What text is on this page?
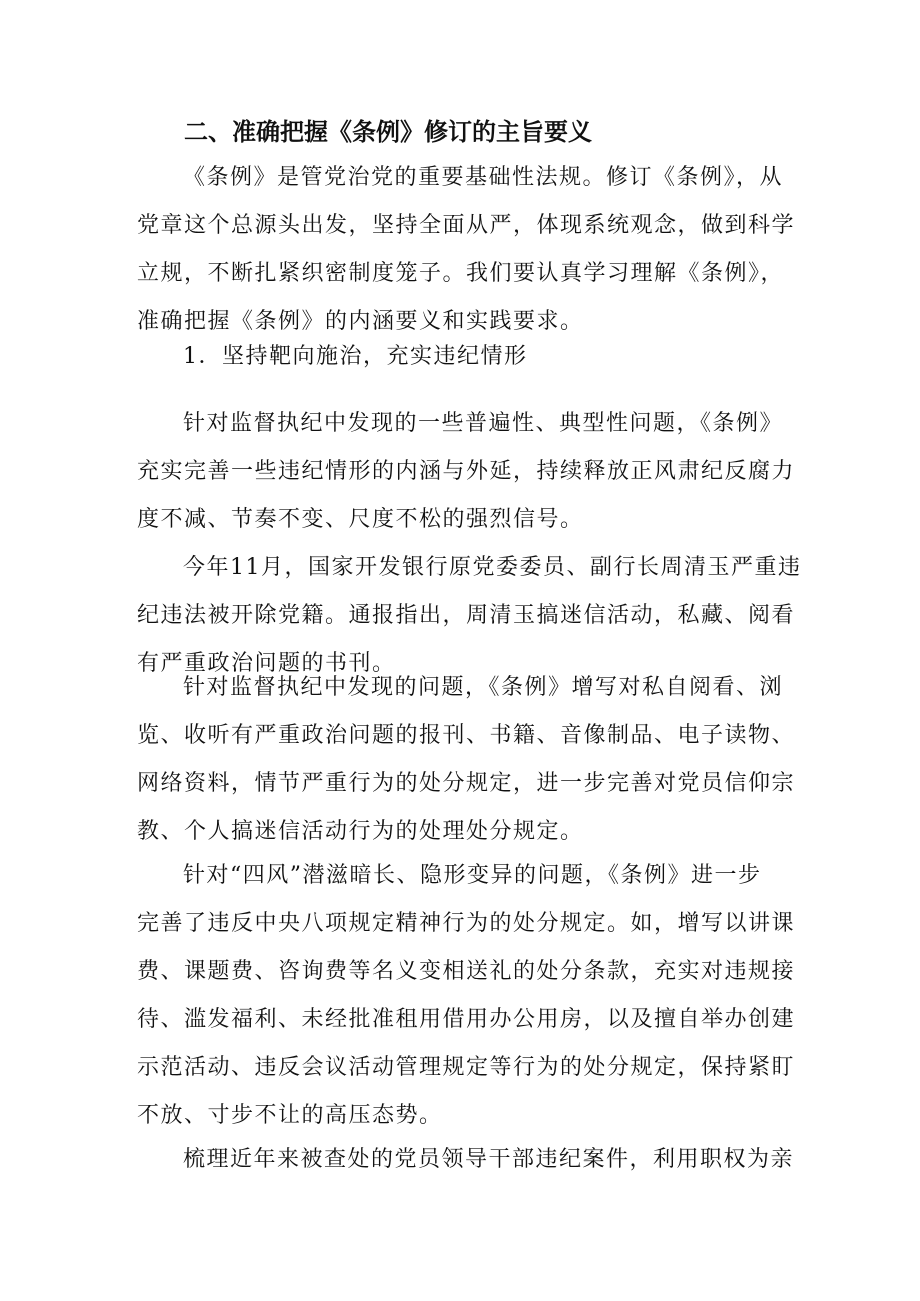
二、准确把握《条例》修订的主旨要义
《条例》是管党治党的重要基础性法规。修订《条例》，从
党章这个总源头出发，坚持全面从严，体现系统观念，做到科学
立规，不断扎紧织密制度笼子。我们要认真学习理解《条例》，
准确把握《条例》的内涵要义和实践要求。
1．坚持靶向施治，充实违纪情形
针对监督执纪中发现的一些普遍性、典型性问题，《条例》
充实完善一些违纪情形的内涵与外延，持续释放正风肃纪反腐力
度不减、节奏不变、尺度不松的强烈信号。
今年11月，国家开发银行原党委委员、副行长周清玉严重违
纪违法被开除党籍。通报指出，周清玉搞迷信活动，私藏、阅看
有严重政治问题的书刊。
针对监督执纪中发现的问题，《条例》增写对私自阅看、浏
览、收听有严重政治问题的报刊、书籍、音像制品、电子读物、
网络资料，情节严重行为的处分规定，进一步完善对党员信仰宗
教、个人搞迷信活动行为的处理处分规定。
针对“四风”潜滋暗长、隐形变异的问题，《条例》进一步
完善了违反中央八项规定精神行为的处分规定。如，增写以讲课
费、课题费、咨询费等名义变相送礼的处分条款，充实对违规接
待、滥发福利、未经批准租用借用办公用房，以及擅自举办创建
示范活动、违反会议活动管理规定等行为的处分规定，保持紧盯
不放、寸步不让的高压态势。
梳理近年来被查处的党员领导干部违纪案件，利用职权为亲
